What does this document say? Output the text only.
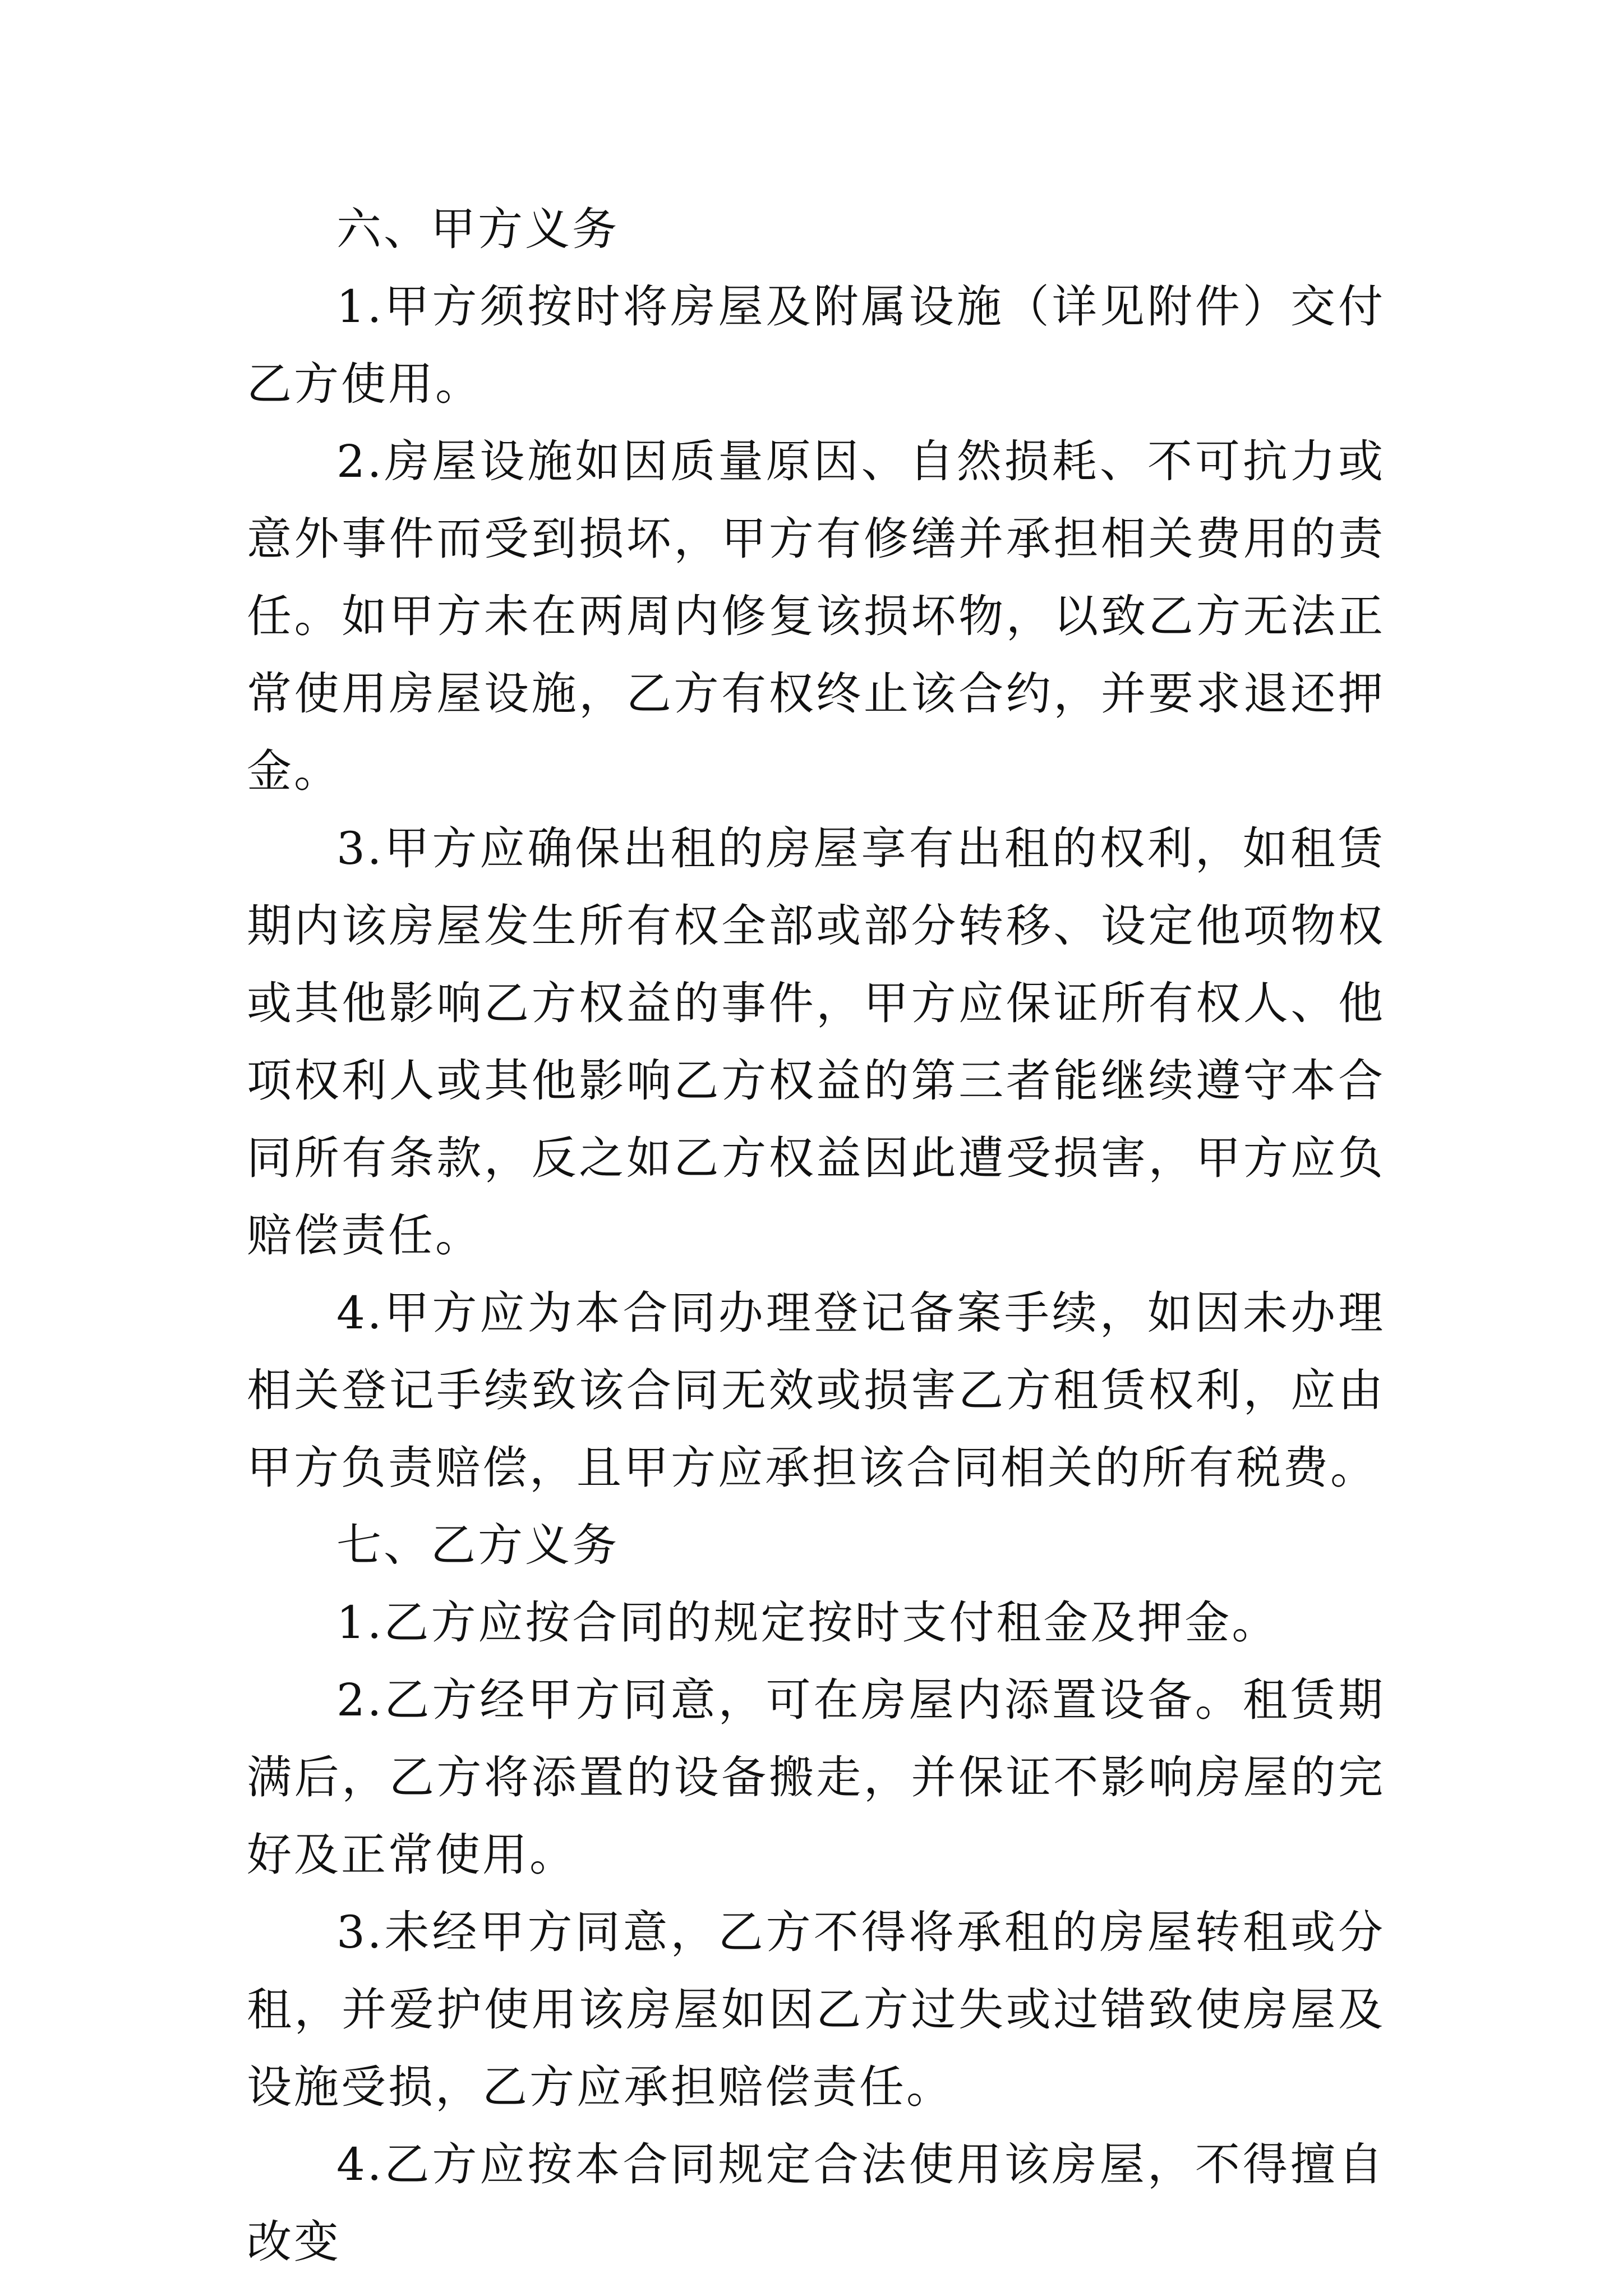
六、甲方义务

1.甲方须按时将房屋及附属设施（详见附件）交付乙方使用。

2.房屋设施如因质量原因、自然损耗、不可抗力或意外事件而受到损坏，甲方有修缮并承担相关费用的责任。如甲方未在两周内修复该损坏物，以致乙方无法正常使用房屋设施，乙方有权终止该合约，并要求退还押金。

3.甲方应确保出租的房屋享有出租的权利，如租赁期内该房屋发生所有权全部或部分转移、设定他项物权或其他影响乙方权益的事件，甲方应保证所有权人、他项权利人或其他影响乙方权益的第三者能继续遵守本合同所有条款，反之如乙方权益因此遭受损害，甲方应负赔偿责任。

4.甲方应为本合同办理登记备案手续，如因未办理相关登记手续致该合同无效或损害乙方租赁权利，应由甲方负责赔偿，且甲方应承担该合同相关的所有税费。

七、乙方义务

1.乙方应按合同的规定按时支付租金及押金。

2.乙方经甲方同意，可在房屋内添置设备。租赁期满后，乙方将添置的设备搬走，并保证不影响房屋的完好及正常使用。

3.未经甲方同意，乙方不得将承租的房屋转租或分租，并爱护使用该房屋如因乙方过失或过错致使房屋及设施受损，乙方应承担赔偿责任。

4.乙方应按本合同规定合法使用该房屋，不得擅自改变
